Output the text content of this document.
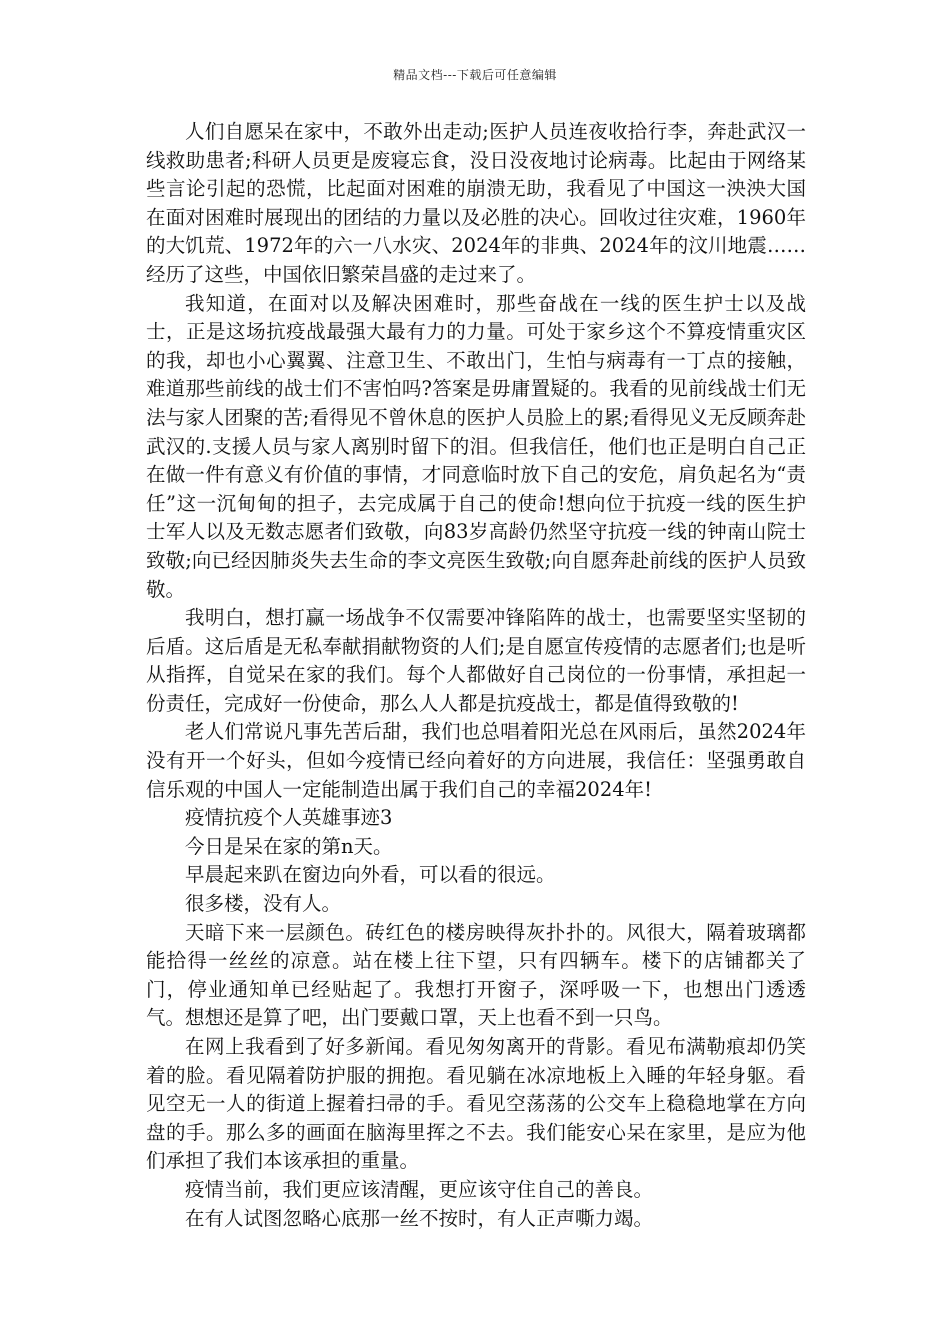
精品文档---下载后可任意编辑

人们自愿呆在家中，不敢外出走动;医护人员连夜收拾行李，奔赴武汉一线救助患者;科研人员更是废寝忘食，没日没夜地讨论病毒。比起由于网络某些言论引起的恐慌，比起面对困难的崩溃无助，我看见了中国这一泱泱大国在面对困难时展现出的团结的力量以及必胜的决心。回收过往灾难，1960年的大饥荒、1972年的六一八水灾、2024年的非典、2024年的汶川地震……经历了这些，中国依旧繁荣昌盛的走过来了。

我知道，在面对以及解决困难时，那些奋战在一线的医生护士以及战士，正是这场抗疫战最强大最有力的力量。可处于家乡这个不算疫情重灾区的我，却也小心翼翼、注意卫生、不敢出门，生怕与病毒有一丁点的接触，难道那些前线的战士们不害怕吗?答案是毋庸置疑的。我看的见前线战士们无法与家人团聚的苦;看得见不曾休息的医护人员脸上的累;看得见义无反顾奔赴武汉的.支援人员与家人离别时留下的泪。但我信任，他们也正是明白自己正在做一件有意义有价值的事情，才同意临时放下自己的安危，肩负起名为“责任”这一沉甸甸的担子，去完成属于自己的使命!想向位于抗疫一线的医生护士军人以及无数志愿者们致敬，向83岁高龄仍然坚守抗疫一线的钟南山院士致敬;向已经因肺炎失去生命的李文亮医生致敬;向自愿奔赴前线的医护人员致敬。

我明白，想打赢一场战争不仅需要冲锋陷阵的战士，也需要坚实坚韧的后盾。这后盾是无私奉献捐献物资的人们;是自愿宣传疫情的志愿者们;也是听从指挥，自觉呆在家的我们。每个人都做好自己岗位的一份事情，承担起一份责任，完成好一份使命，那么人人都是抗疫战士，都是值得致敬的!

老人们常说凡事先苦后甜，我们也总唱着阳光总在风雨后，虽然2024年没有开一个好头，但如今疫情已经向着好的方向进展，我信任：坚强勇敢自信乐观的中国人一定能制造出属于我们自己的幸福2024年!

疫情抗疫个人英雄事迹3

今日是呆在家的第n天。

早晨起来趴在窗边向外看，可以看的很远。

很多楼，没有人。

天暗下来一层颜色。砖红色的楼房映得灰扑扑的。风很大，隔着玻璃都能拾得一丝丝的凉意。站在楼上往下望，只有四辆车。楼下的店铺都关了门，停业通知单已经贴起了。我想打开窗子，深呼吸一下，也想出门透透气。想想还是算了吧，出门要戴口罩，天上也看不到一只鸟。

在网上我看到了好多新闻。看见匆匆离开的背影。看见布满勒痕却仍笑着的脸。看见隔着防护服的拥抱。看见躺在冰凉地板上入睡的年轻身躯。看见空无一人的街道上握着扫帚的手。看见空荡荡的公交车上稳稳地掌在方向盘的手。那么多的画面在脑海里挥之不去。我们能安心呆在家里，是应为他们承担了我们本该承担的重量。

疫情当前，我们更应该清醒，更应该守住自己的善良。

在有人试图忽略心底那一丝不按时，有人正声嘶力竭。
